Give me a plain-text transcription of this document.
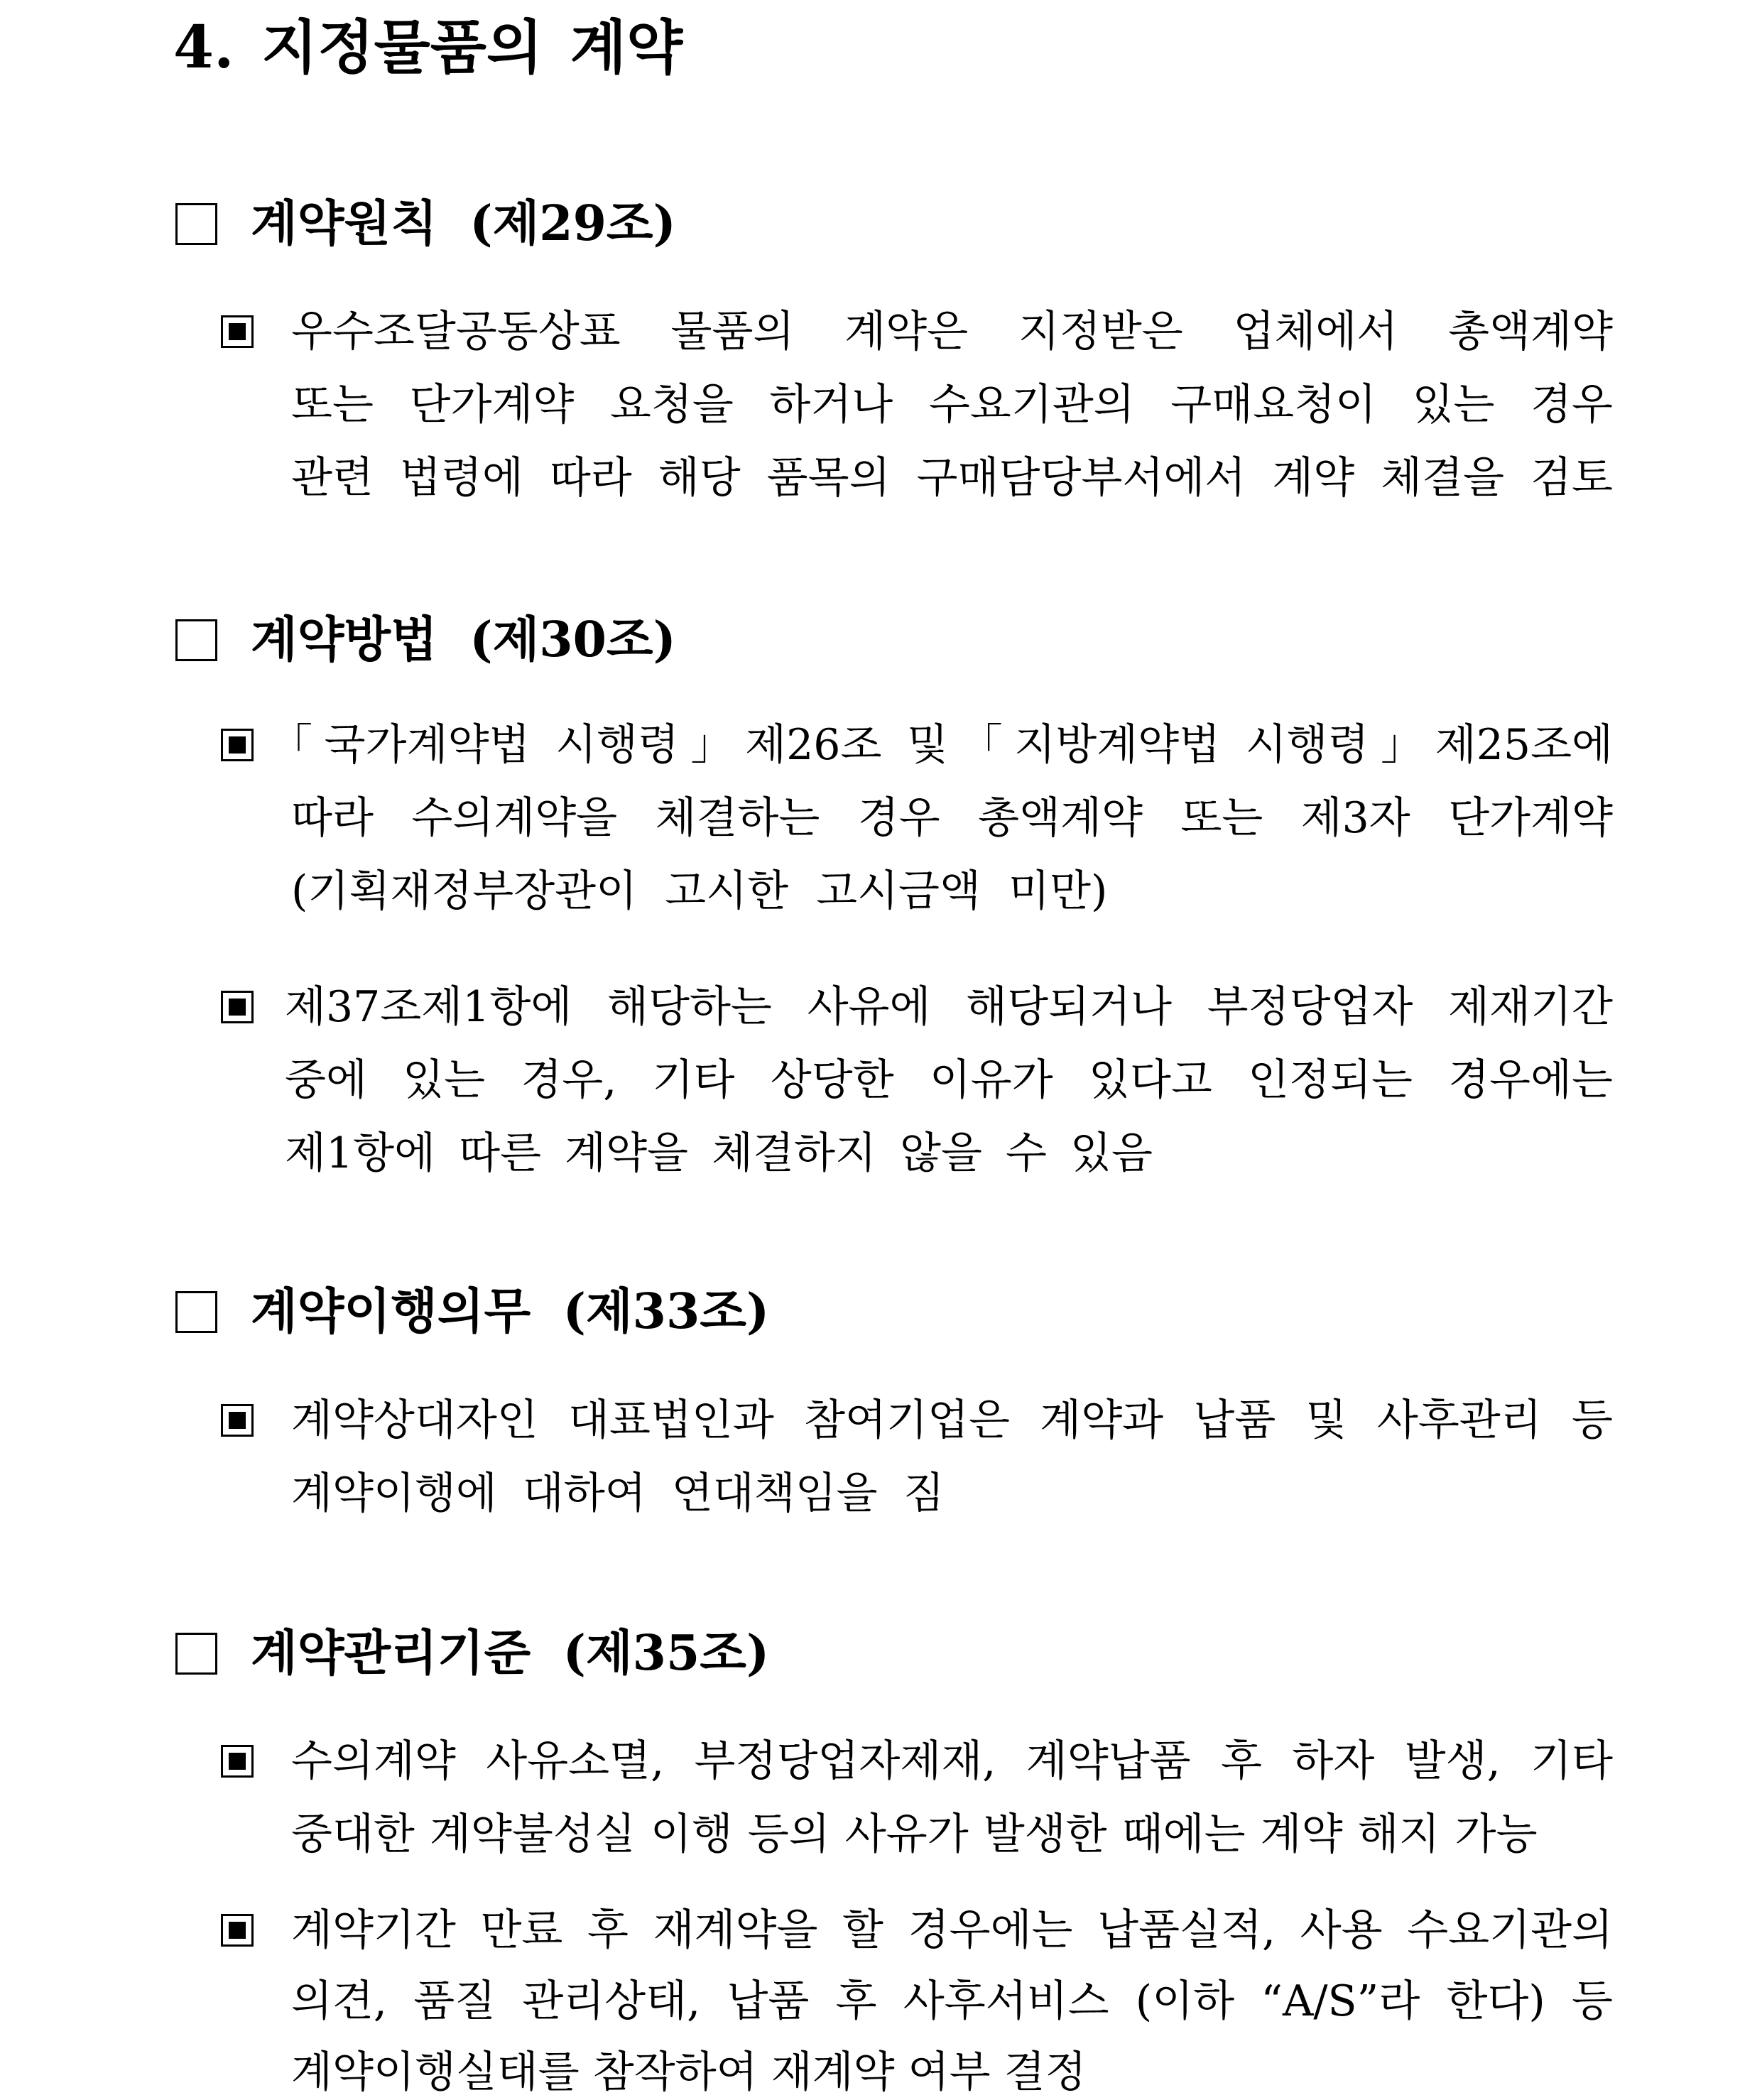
4. 지정물품의 계약
계약원칙 (제29조)
우수조달공동상표 물품의 계약은 지정받은 업체에서 총액계약
또는 단가계약 요청을 하거나 수요기관의 구매요청이 있는 경우
관련 법령에 따라 해당 품목의 구매담당부서에서 계약 체결을 검토
계약방법 (제30조)
「국가계약법 시행령」제26조 및「지방계약법 시행령」제25조에
따라 수의계약을 체결하는 경우 총액계약 또는 제3자 단가계약
(기획재정부장관이 고시한 고시금액 미만)
제37조제1항에 해당하는 사유에 해당되거나 부정당업자 제재기간
중에 있는 경우, 기타 상당한 이유가 있다고 인정되는 경우에는
제1항에 따른 계약을 체결하지 않을 수 있음
계약이행의무 (제33조)
계약상대자인 대표법인과 참여기업은 계약과 납품 및 사후관리 등
계약이행에 대하여 연대책임을 짐
계약관리기준 (제35조)
수의계약 사유소멸, 부정당업자제재, 계약납품 후 하자 발생, 기타
중대한 계약불성실 이행 등의 사유가 발생한 때에는 계약 해지 가능
계약기간 만료 후 재계약을 할 경우에는 납품실적, 사용 수요기관의
의견, 품질 관리상태, 납품 후 사후서비스 (이하 “A/S”라 한다) 등
계약이행실태를 참작하여 재계약 여부 결정
